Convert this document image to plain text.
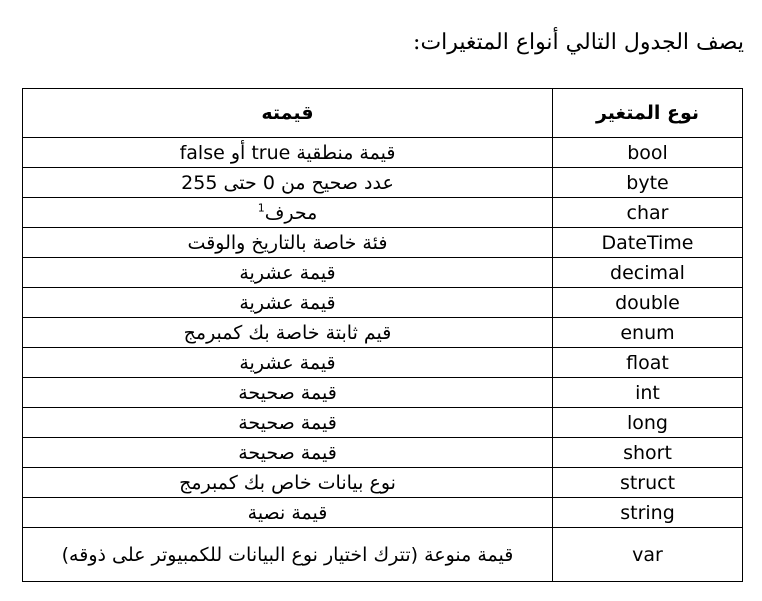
يصف الجدول التالي أنواع المتغيرات:
نوع المتغير	قيمته
bool	قيمة منطقية true أو false
byte	عدد صحيح من 0 حتى 255
char	محرف$^1$
DateTime	فئة خاصة بالتاريخ والوقت
decimal	قيمة عشرية
double	قيمة عشرية
enum	قيم ثابتة خاصة بك كمبرمج
float	قيمة عشرية
int	قيمة صحيحة
long	قيمة صحيحة
short	قيمة صحيحة
struct	نوع بيانات خاص بك كمبرمج
string	قيمة نصية
var	قيمة منوعة (تترك اختيار نوع البيانات للكمبيوتر على ذوقه)
